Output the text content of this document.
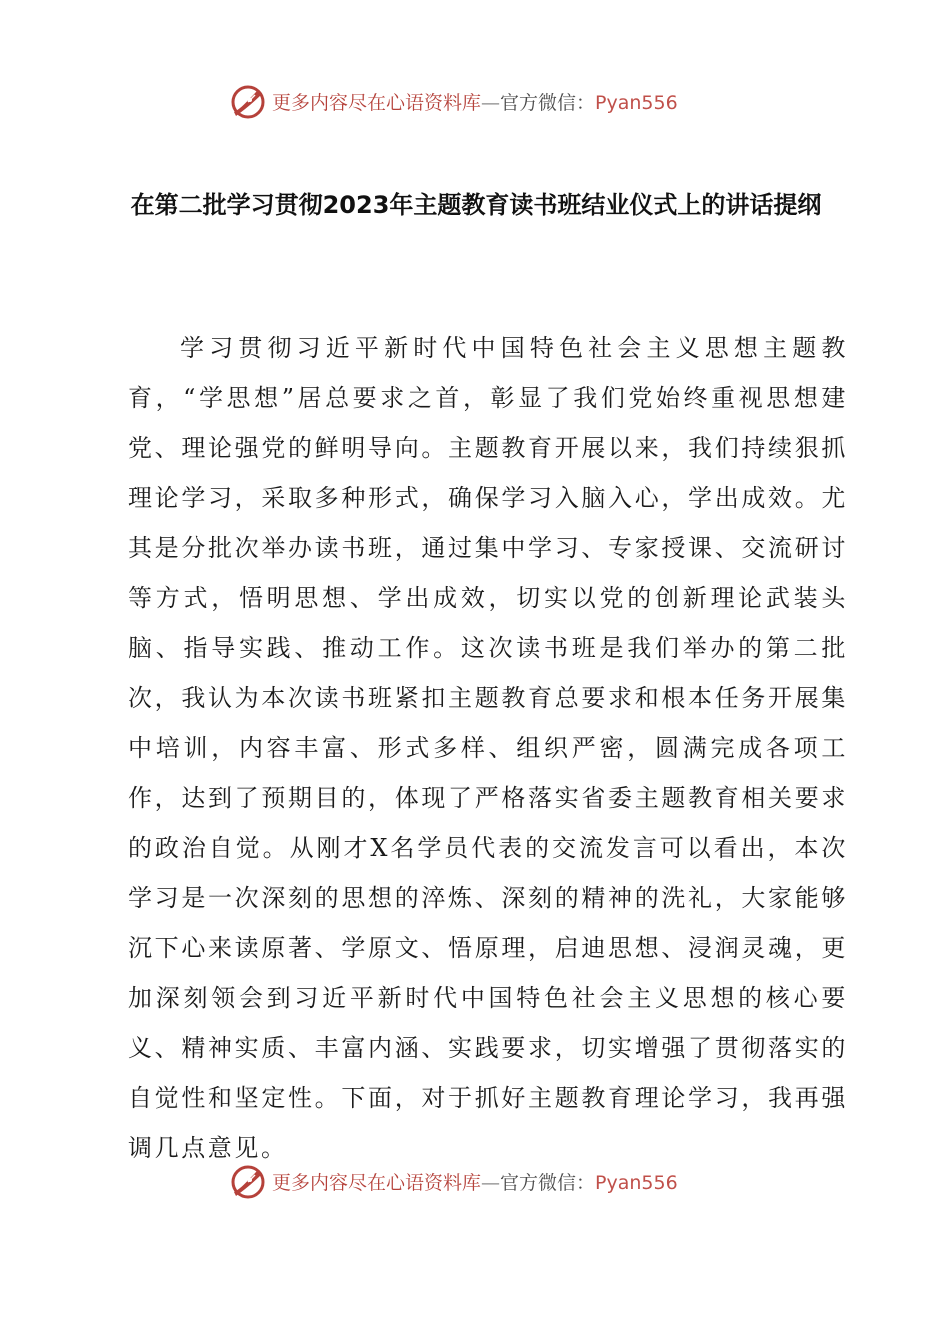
更多内容尽在心语资料库—官方微信：Pyan556
在第二批学习贯彻2023年主题教育读书班结业仪式上的讲话提纲

学习贯彻习近平新时代中国特色社会主义思想主题教育，“学思想”居总要求之首，彰显了我们党始终重视思想建党、理论强党的鲜明导向。主题教育开展以来，我们持续狠抓理论学习，采取多种形式，确保学习入脑入心，学出成效。尤其是分批次举办读书班，通过集中学习、专家授课、交流研讨等方式，悟明思想、学出成效，切实以党的创新理论武装头脑、指导实践、推动工作。这次读书班是我们举办的第二批次，我认为本次读书班紧扣主题教育总要求和根本任务开展集中培训，内容丰富、形式多样、组织严密，圆满完成各项工作，达到了预期目的，体现了严格落实省委主题教育相关要求的政治自觉。从刚才X名学员代表的交流发言可以看出，本次学习是一次深刻的思想的淬炼、深刻的精神的洗礼，大家能够沉下心来读原著、学原文、悟原理，启迪思想、浸润灵魂，更加深刻领会到习近平新时代中国特色社会主义思想的核心要义、精神实质、丰富内涵、实践要求，切实增强了贯彻落实的自觉性和坚定性。下面，对于抓好主题教育理论学习，我再强调几点意见。

更多内容尽在心语资料库—官方微信：Pyan556
